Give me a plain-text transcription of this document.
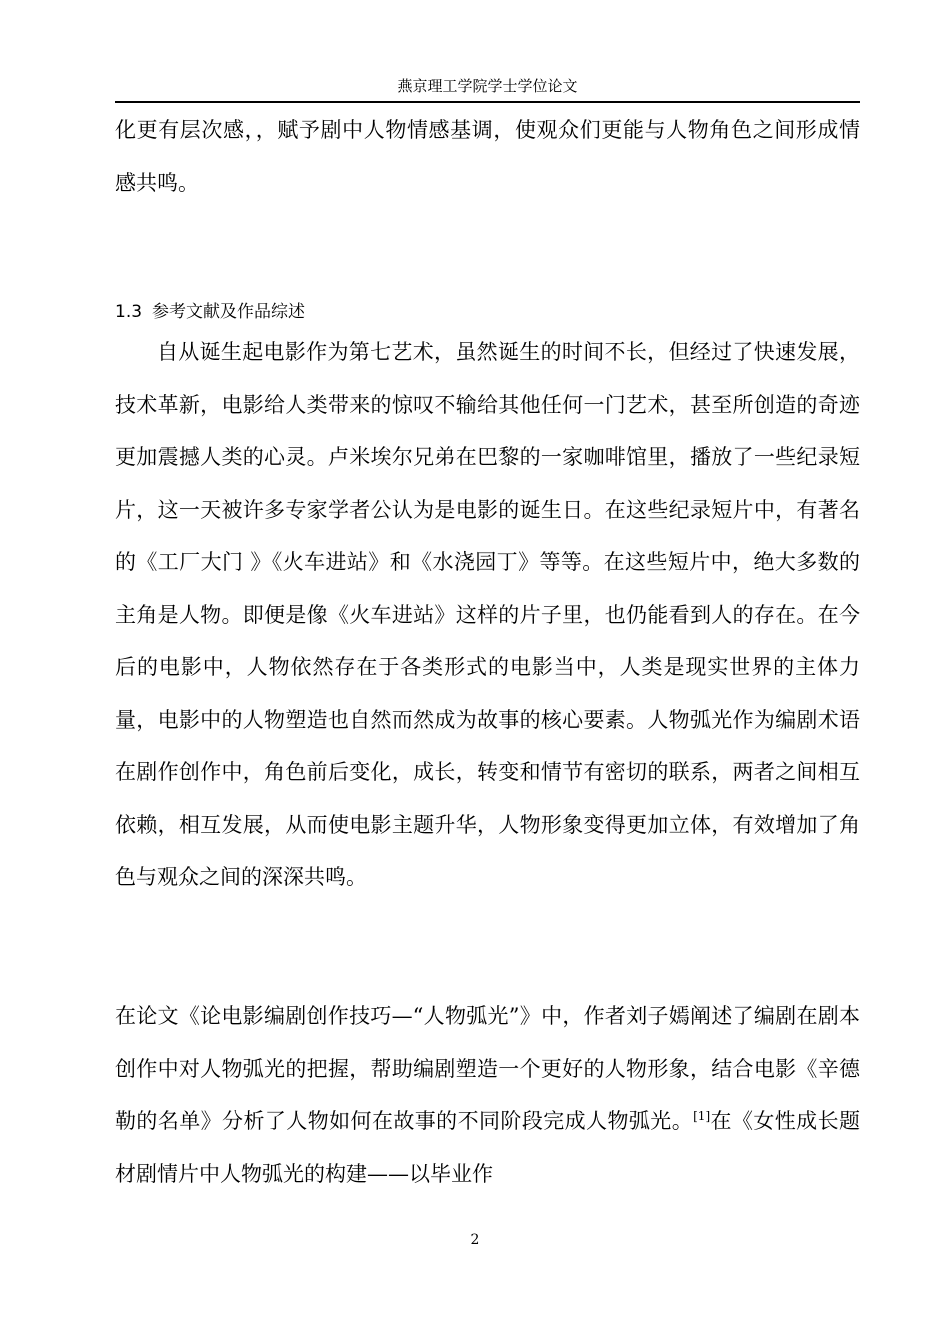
燕京理工学院学士学位论文

化更有层次感，，赋予剧中人物情感基调，使观众们更能与人物角色之间形成情感共鸣。

1.3 参考文献及作品综述

自从诞生起电影作为第七艺术，虽然诞生的时间不长，但经过了快速发展，技术革新，电影给人类带来的惊叹不输给其他任何一门艺术，甚至所创造的奇迹更加震撼人类的心灵。卢米埃尔兄弟在巴黎的一家咖啡馆里，播放了一些纪录短片，这一天被许多专家学者公认为是电影的诞生日。在这些纪录短片中，有著名的《工厂大门 》《火车进站》和《水浇园丁》等等。在这些短片中，绝大多数的主角是人物。即便是像《火车进站》这样的片子里，也仍能看到人的存在。在今后的电影中，人物依然存在于各类形式的电影当中，人类是现实世界的主体力量，电影中的人物塑造也自然而然成为故事的核心要素。人物弧光作为编剧术语在剧作创作中，角色前后变化，成长，转变和情节有密切的联系，两者之间相互依赖，相互发展，从而使电影主题升华，人物形象变得更加立体，有效增加了角色与观众之间的深深共鸣。

在论文《论电影编剧创作技巧—“人物弧光”》中，作者刘子嫣阐述了编剧在剧本创作中对人物弧光的把握，帮助编剧塑造一个更好的人物形象，结合电影《辛德勒的名单》分析了人物如何在故事的不同阶段完成人物弧光。[1]在《女性成长题材剧情片中人物弧光的构建——以毕业作

2
